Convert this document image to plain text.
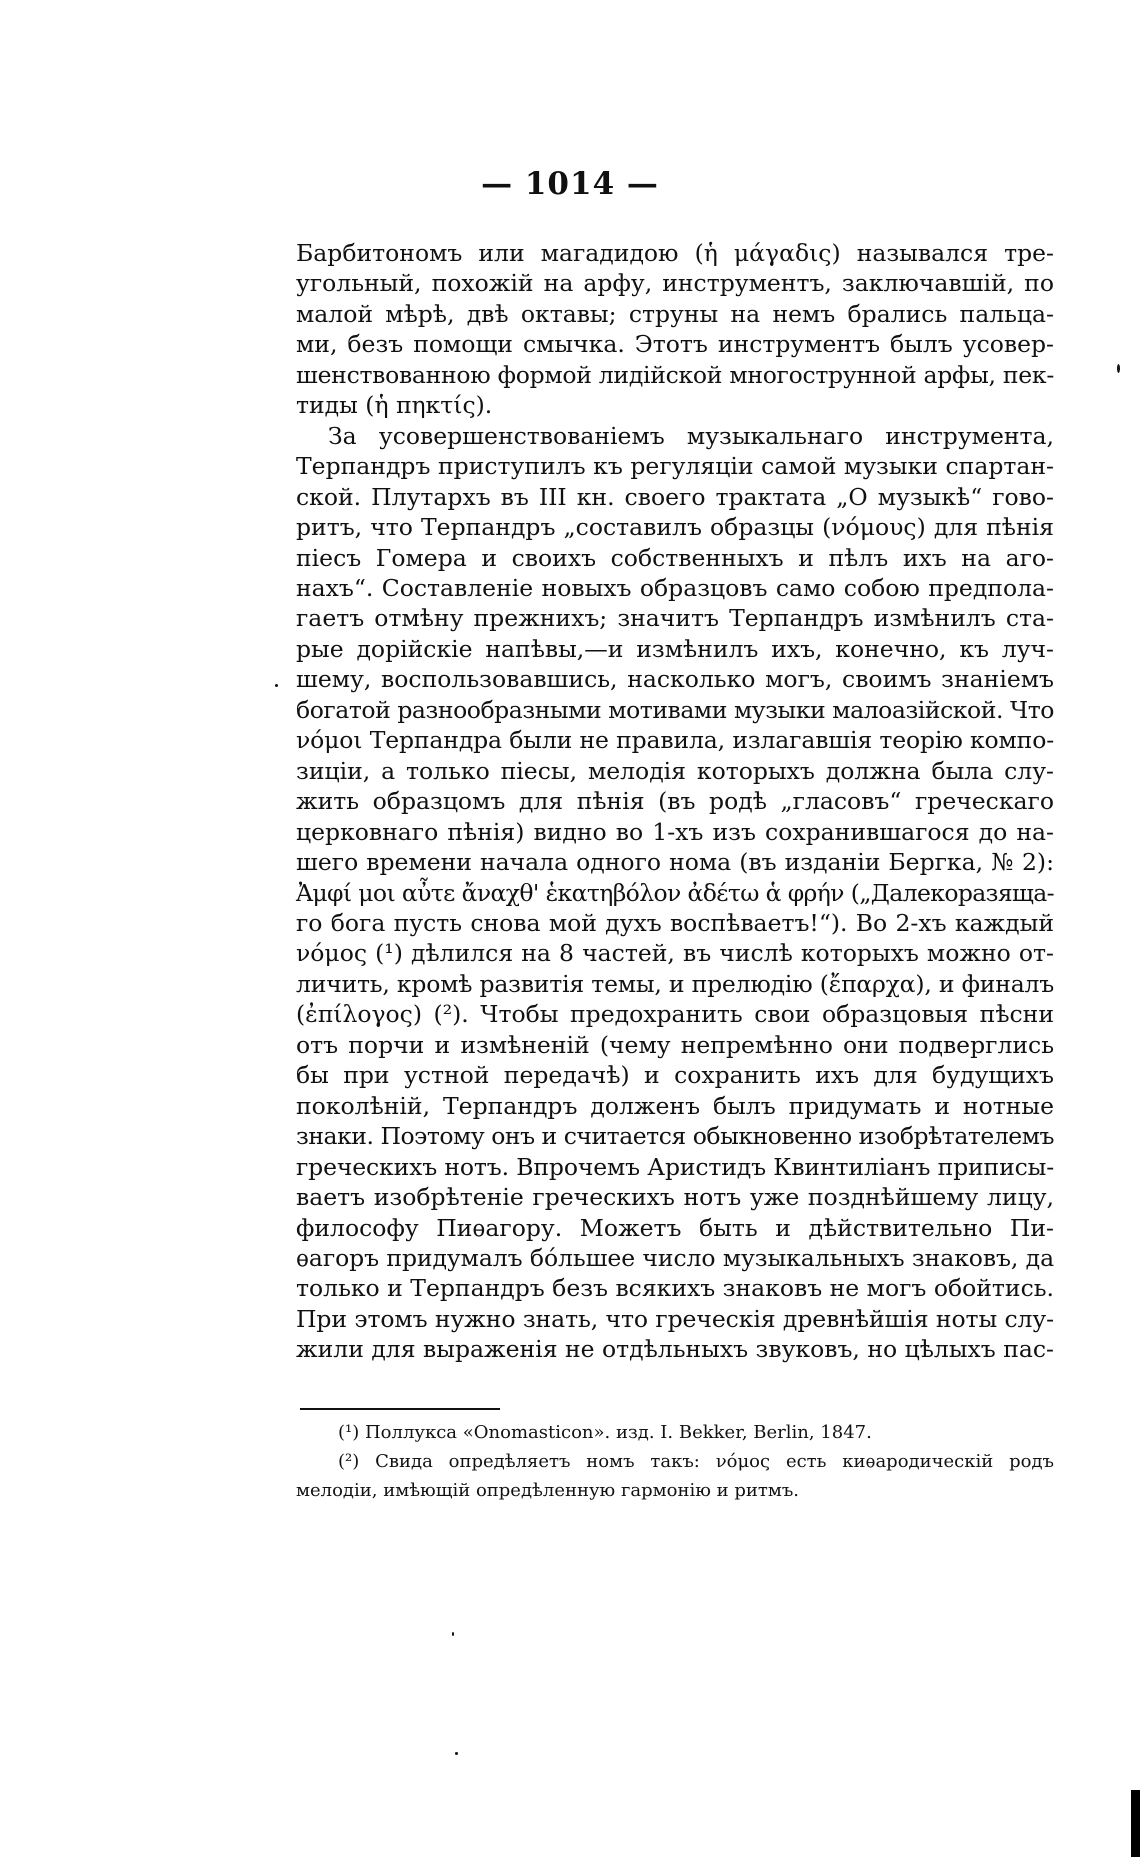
— 1014 —
Барбитономъ или магадидою (ἡ μάγαδις) назывался тре-
угольный, похожій на арфу, инструментъ, заключавшій, по
малой мѣрѣ, двѣ октавы; струны на немъ брались пальца-
ми, безъ помощи смычка. Этотъ инструментъ былъ усовер-
шенствованною формой лидійской многострунной арфы, пек-
тиды (ἡ πηκτίς).
За усовершенствованіемъ музыкальнаго инструмента,
Терпандръ приступилъ къ регуляціи самой музыки спартан-
ской. Плутархъ въ III кн. своего трактата „О музыкѣ“ гово-
ритъ, что Терпандръ „составилъ образцы (νόμους) для пѣнія
піесъ Гомера и своихъ собственныхъ и пѣлъ ихъ на аго-
нахъ“. Составленіе новыхъ образцовъ само собою предпола-
гаетъ отмѣну прежнихъ; значитъ Терпандръ измѣнилъ ста-
рые дорійскіе напѣвы,—и измѣнилъ ихъ, конечно, къ луч-
шему, воспользовавшись, насколько могъ, своимъ знаніемъ
богатой разнообразными мотивами музыки малоазійской. Что
νόμοι Терпандра были не правила, излагавшія теорію компо-
зиціи, а только піесы, мелодія которыхъ должна была слу-
жить образцомъ для пѣнія (въ родѣ „гласовъ“ греческаго
церковнаго пѣнія) видно во 1-хъ изъ сохранившагося до на-
шего времени начала одного нома (въ изданіи Бергка, № 2):
Ἀμφί μοι αὖτε ἄναχθ' ἑκατηβόλον ἀδέτω ἁ φρήν („Далекоразяща-
го бога пусть снова мой духъ воспѣваетъ!“). Во 2-хъ каждый
νόμος (¹) дѣлился на 8 частей, въ числѣ которыхъ можно от-
личить, кромѣ развитія темы, и прелюдію (ἔπαρχα), и финалъ
(ἐπίλογος) (²). Чтобы предохранить свои образцовыя пѣсни
отъ порчи и измѣненій (чему непремѣнно они подверглись
бы при устной передачѣ) и сохранить ихъ для будущихъ
поколѣній, Терпандръ долженъ былъ придумать и нотные
знаки. Поэтому онъ и считается обыкновенно изобрѣтателемъ
греческихъ нотъ. Впрочемъ Аристидъ Квинтиліанъ приписы-
ваетъ изобрѣтеніе греческихъ нотъ уже позднѣйшему лицу,
философу Пиѳагору. Можетъ быть и дѣйствительно Пи-
ѳагоръ придумалъ бóльшее число музыкальныхъ знаковъ, да
только и Терпандръ безъ всякихъ знаковъ не могъ обойтись.
При этомъ нужно знать, что греческія древнѣйшія ноты слу-
жили для выраженія не отдѣльныхъ звуковъ, но цѣлыхъ пас-
(¹) Поллукса «Onomasticon». изд. I. Bekker, Berlin, 1847.
(²) Свида опредѣляетъ номъ такъ: νόμος есть киѳародическій родъ
мелодіи, имѣющій опредѣленную гармонію и ритмъ.
